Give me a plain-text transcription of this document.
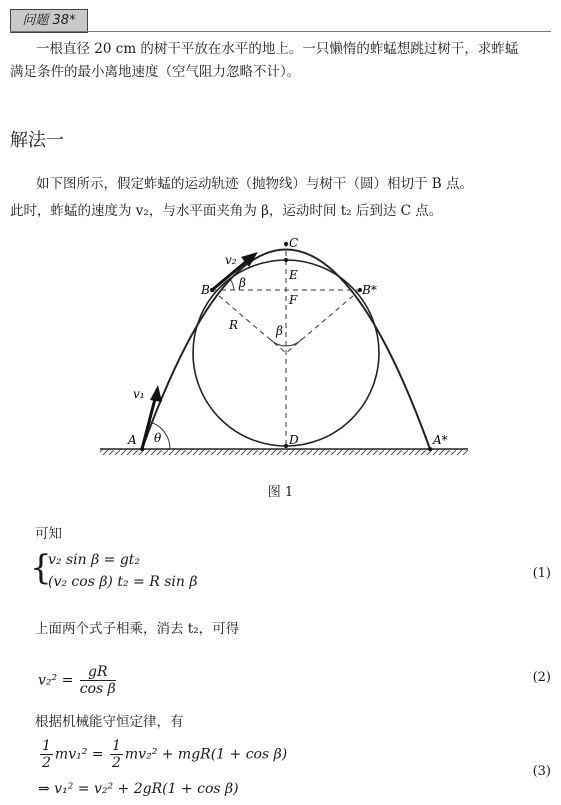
问题 38*
一根直径 20 cm 的树干平放在水平的地上。一只懒惰的蚱蜢想跳过树干，求蚱蜢
满足条件的最小离地速度（空气阻力忽略不计）。
解法一
如下图所示，假定蚱蜢的运动轨迹（抛物线）与树干（圆）相切于 B 点。
此时，蚱蜢的速度为 v₂，与水平面夹角为 β，运动时间 t₂ 后到达 C 点。
C
E
F
B	B*
R	β
β
D
A	A*
θ
v₁
v₂
图 1
可知
{
v₂ sin β = gt₂
(v₂ cos β) t₂ = R sin β
(1)
上面两个式子相乘，消去 t₂，可得
$v_2^2 = \frac{gR}{\text{cos β}}$	(2)
根据机械能守恒定律，有
$\frac{1}{2} mv_1^2 = \frac{1}{2} mv_2^2 + mgR(1 + \cos \beta)$
⇒ v₁² = v₂² + 2gR(1 + cos β)
(3)
